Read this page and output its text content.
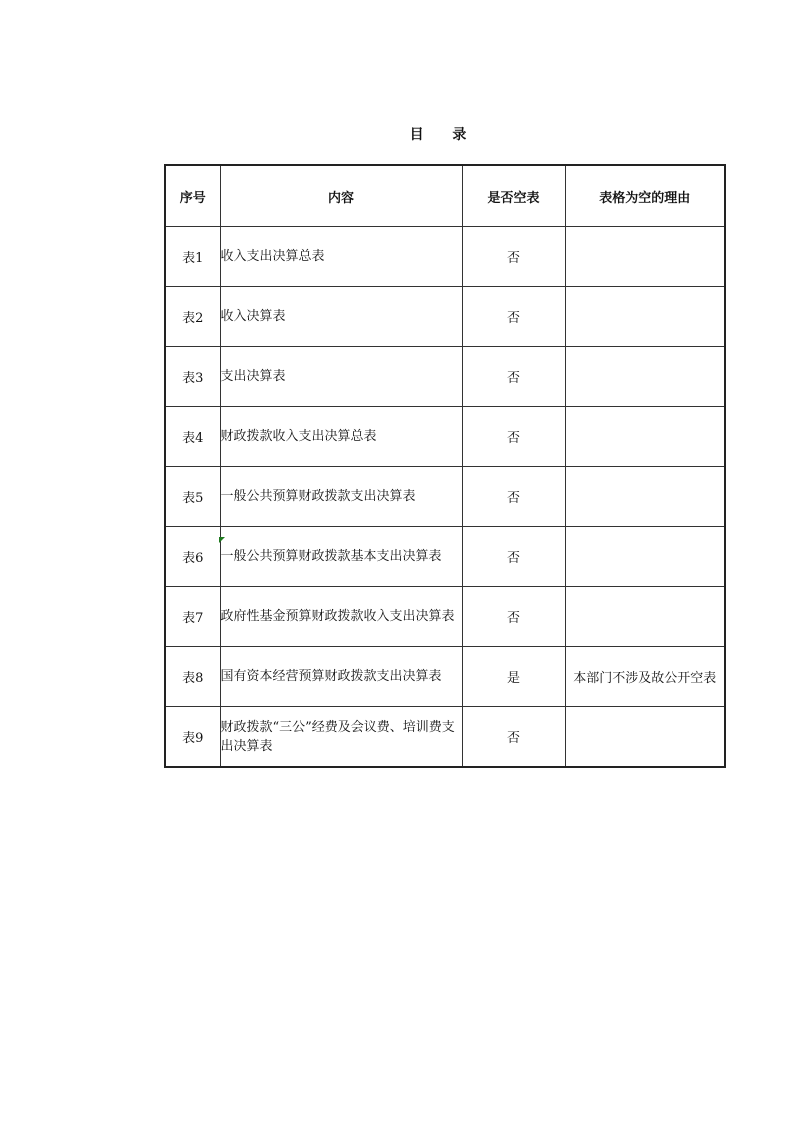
目 录
序号	内容	是否空表	表格为空的理由
表1	收入支出决算总表	否	
表2	收入决算表	否	
表3	支出决算表	否	
表4	财政拨款收入支出决算总表	否	
表5	一般公共预算财政拨款支出决算表	否	
表6	一般公共预算财政拨款基本支出决算表	否	
表7	政府性基金预算财政拨款收入支出决算表	否	
表8	国有资本经营预算财政拨款支出决算表	是	本部门不涉及故公开空表
表9	财政拨款“三公”经费及会议费、培训费支出决算表	否	
